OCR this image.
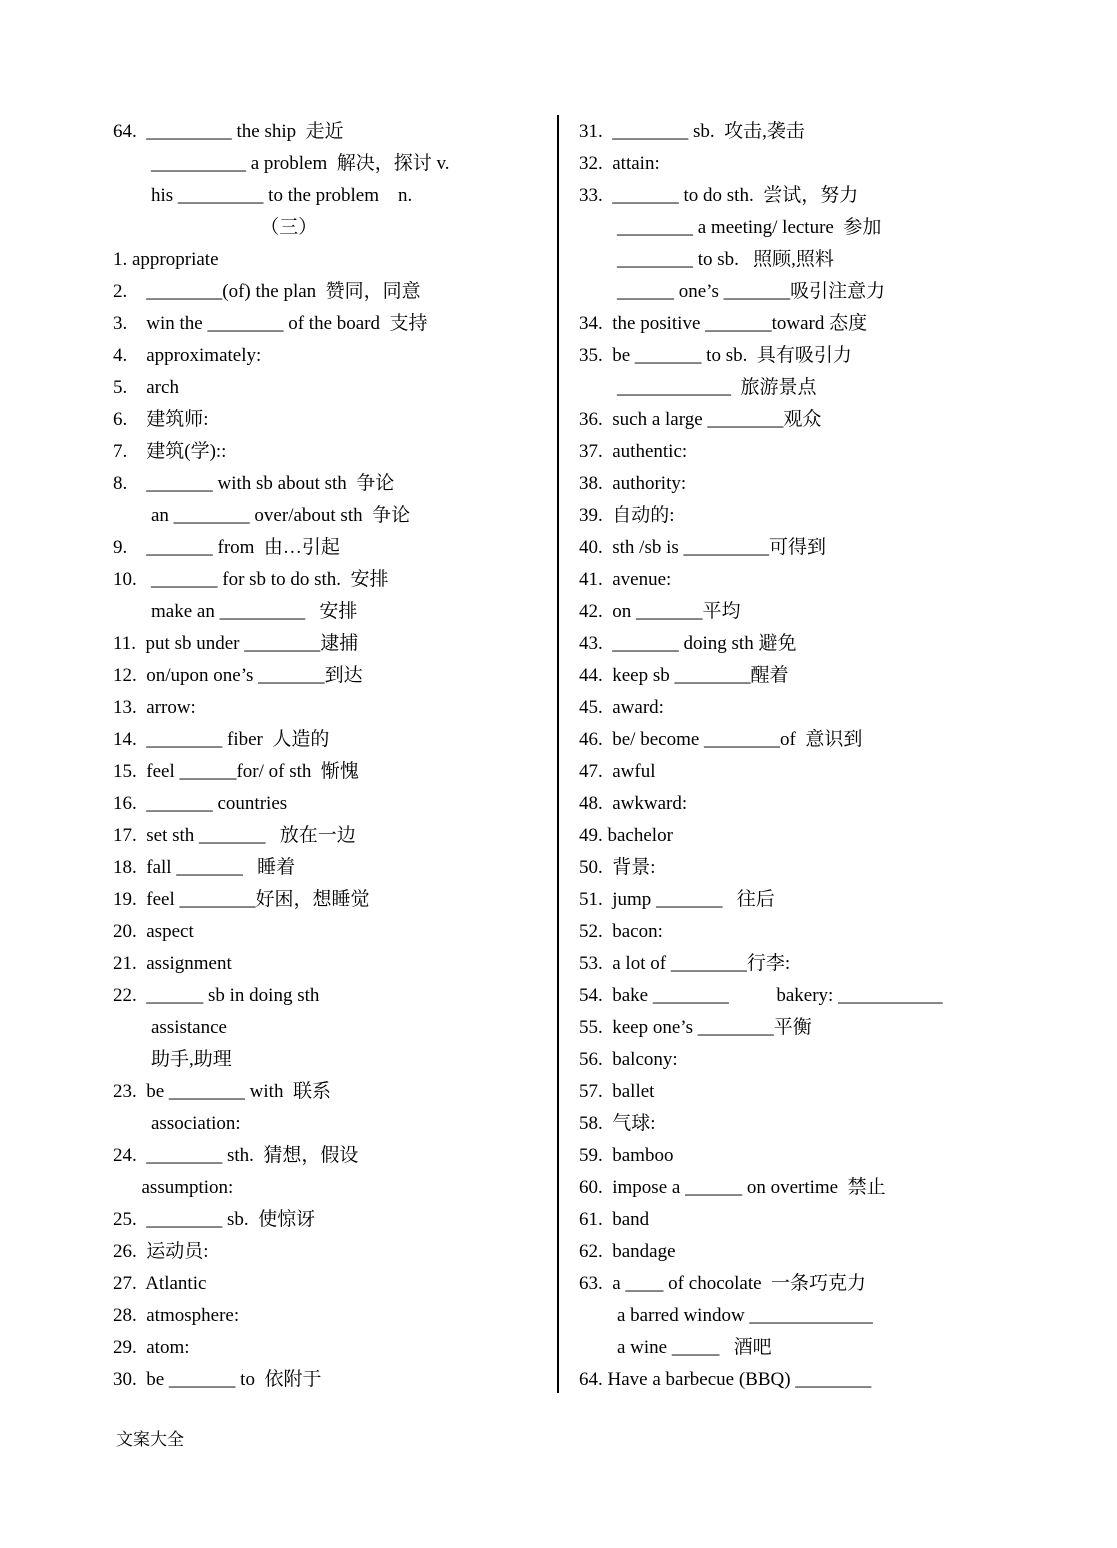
64.  _________ the ship  走近
__________ a problem  解决，探讨 v.
his _________ to the problem    n.
（三）
1. appropriate
2.    ________(of) the plan  赞同，同意
3.    win the ________ of the board  支持
4.    approximately:
5.    arch
6.    建筑师:
7.    建筑(学)::
8.    _______ with sb about sth  争论
an ________ over/about sth  争论
9.    _______ from  由…引起
10.   _______ for sb to do sth.  安排
make an _________   安排
11.  put sb under ________逮捕
12.  on/upon one’s _______到达
13.  arrow:
14.  ________ fiber  人造的
15.  feel ______for/ of sth  惭愧
16.  _______ countries
17.  set sth _______   放在一边
18.  fall _______   睡着
19.  feel ________好困，想睡觉
20.  aspect
21.  assignment
22.  ______ sb in doing sth
assistance
助手,助理
23.  be ________ with  联系
association:
24.  ________ sth.  猜想，假设
assumption:
25.  ________ sb.  使惊讶
26.  运动员:
27.  Atlantic
28.  atmosphere:
29.  atom:
30.  be _______ to  依附于
31.  ________ sb.  攻击,袭击
32.  attain:
33.  _______ to do sth.  尝试，努力
________ a meeting/ lecture  参加
________ to sb.   照顾,照料
______ one’s _______吸引注意力
34.  the positive _______toward 态度
35.  be _______ to sb.  具有吸引力
____________  旅游景点
36.  such a large ________观众
37.  authentic:
38.  authority:
39.  自动的:
40.  sth /sb is _________可得到
41.  avenue:
42.  on _______平均
43.  _______ doing sth 避免
44.  keep sb ________醒着
45.  award:
46.  be/ become ________of  意识到
47.  awful
48.  awkward:
49. bachelor
50.  背景:
51.  jump _______   往后
52.  bacon:
53.  a lot of ________行李:
54.  bake ________          bakery: ___________
55.  keep one’s ________平衡
56.  balcony:
57.  ballet
58.  气球:
59.  bamboo
60.  impose a ______ on overtime  禁止
61.  band
62.  bandage
63.  a ____ of chocolate  一条巧克力
a barred window _____________
a wine _____   酒吧
64. Have a barbecue (BBQ) ________
文案大全
